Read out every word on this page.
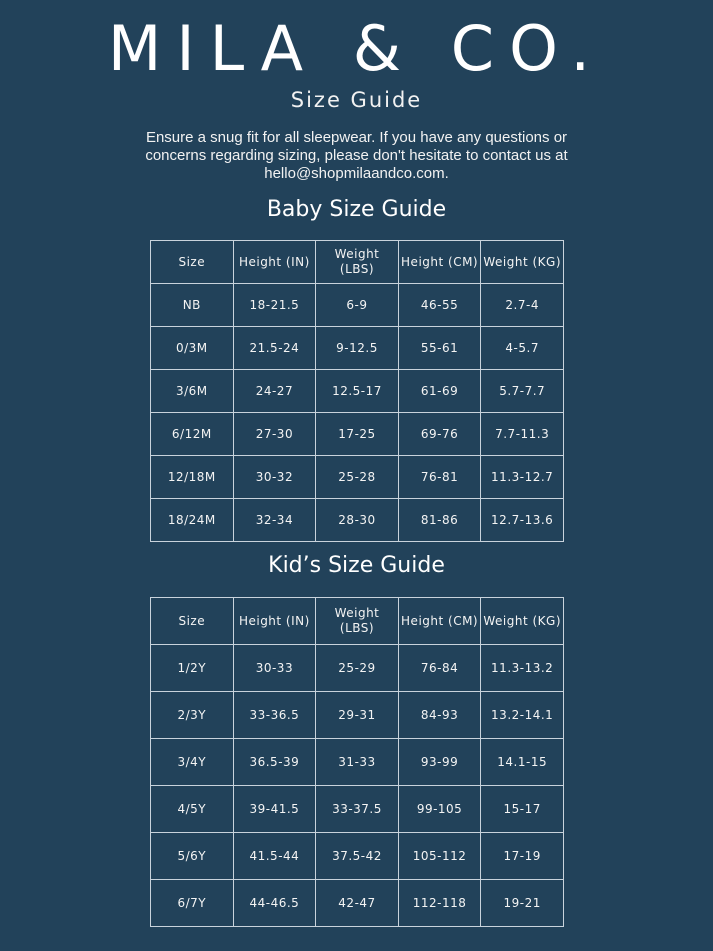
MILA & CO.
Size Guide
Ensure a snug fit for all sleepwear. If you have any questions or concerns regarding sizing, please don't hesitate to contact us at hello@shopmilaandco.com.
Baby Size Guide
Size	Height (IN)	Weight (LBS)	Height (CM)	Weight (KG)
NB	18-21.5	6-9	46-55	2.7-4
0/3M	21.5-24	9-12.5	55-61	4-5.7
3/6M	24-27	12.5-17	61-69	5.7-7.7
6/12M	27-30	17-25	69-76	7.7-11.3
12/18M	30-32	25-28	76-81	11.3-12.7
18/24M	32-34	28-30	81-86	12.7-13.6
Kid’s Size Guide
Size	Height (IN)	Weight (LBS)	Height (CM)	Weight (KG)
1/2Y	30-33	25-29	76-84	11.3-13.2
2/3Y	33-36.5	29-31	84-93	13.2-14.1
3/4Y	36.5-39	31-33	93-99	14.1-15
4/5Y	39-41.5	33-37.5	99-105	15-17
5/6Y	41.5-44	37.5-42	105-112	17-19
6/7Y	44-46.5	42-47	112-118	19-21
